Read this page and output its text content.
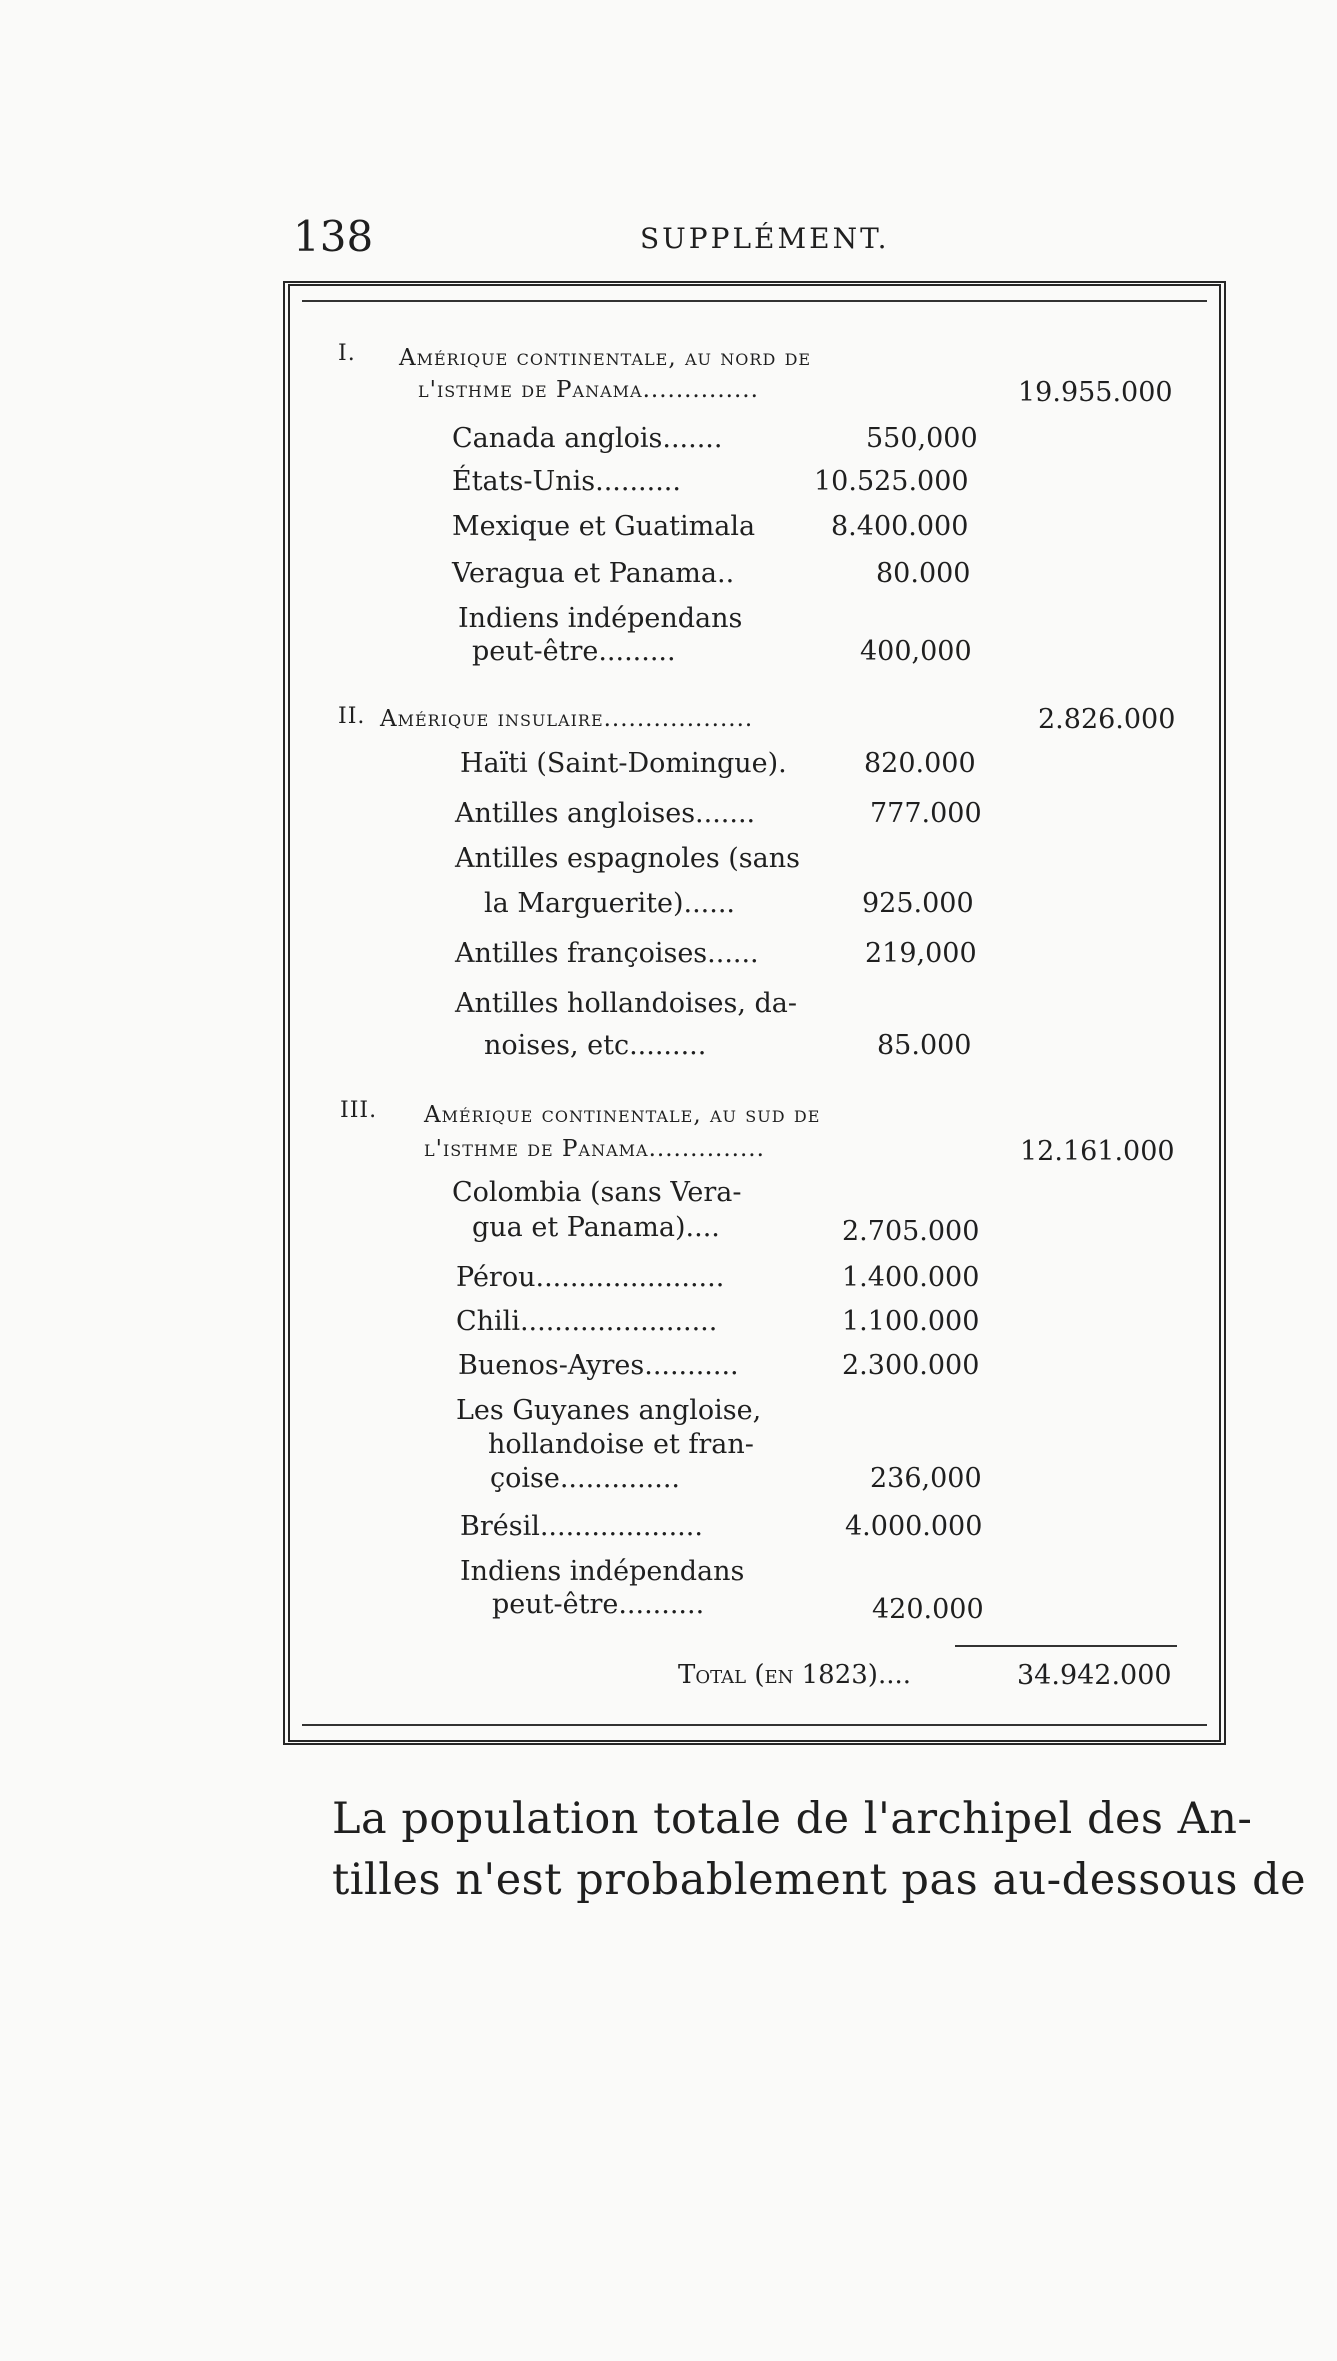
138	SUPPLÉMENT.
I. Amérique continentale, au nord de
l'isthme de Panama..............	19.955.000
Canada anglois.......	550,000
États-Unis..........	10.525.000
Mexique et Guatimala	8.400.000
Veragua et Panama..	80.000
Indiens indépendans
peut-être.........	400,000
II. Amérique insulaire..................	2.826.000
Haïti (Saint-Domingue).	820.000
Antilles angloises.......	777.000
Antilles espagnoles (sans
la Marguerite)......	925.000
Antilles françoises......	219,000
Antilles hollandoises, da-
noises, etc.........	85.000
III. Amérique continentale, au sud de
l'isthme de Panama..............	12.161.000
Colombia (sans Vera-
gua et Panama)....	2.705.000
Pérou......................	1.400.000
Chili.......................	1.100.000
Buenos-Ayres...........	2.300.000
Les Guyanes angloise,
hollandoise et fran-
çoise..............	236,000
Brésil...................	4.000.000
Indiens indépendans
peut-être..........	420.000
Total (en 1823)....	34.942.000
La population totale de l'archipel des An-
tilles n'est probablement pas au-dessous de
